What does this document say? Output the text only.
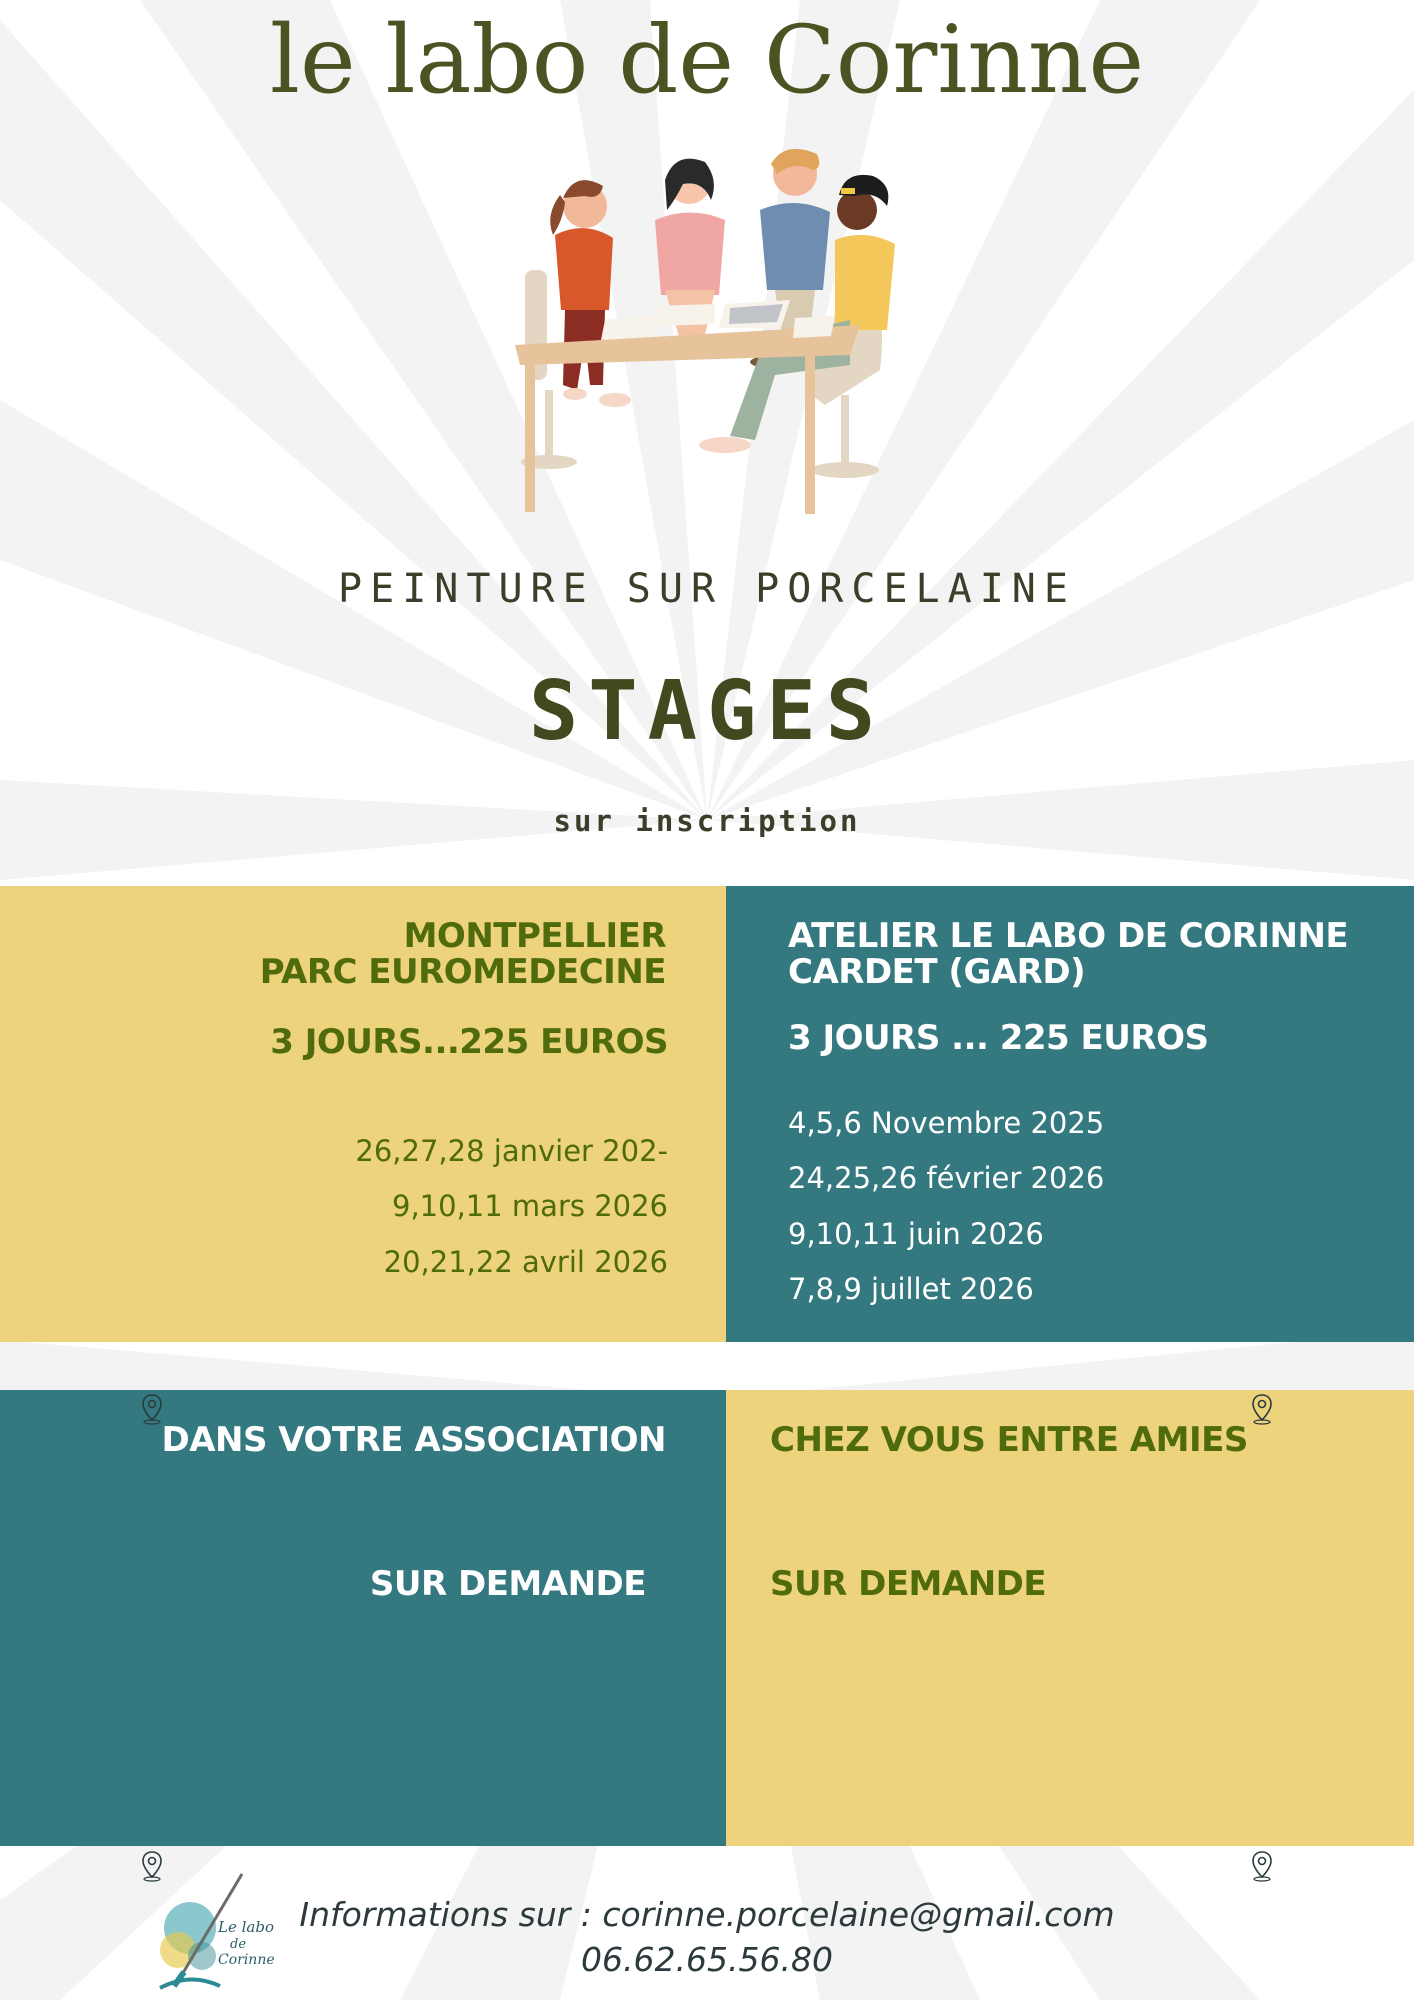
le labo de Corinne
PEINTURE SUR PORCELAINE
STAGES
sur inscription
MONTPELLIER
PARC EUROMEDECINE
3 JOURS...225 EUROS
26,27,28 janvier 202-
9,10,11 mars 2026
20,21,22 avril 2026
ATELIER LE LABO DE CORINNE
CARDET (GARD)
3 JOURS ... 225 EUROS
4,5,6 Novembre 2025
24,25,26 février 2026
9,10,11 juin 2026
7,8,9 juillet 2026
DANS VOTRE ASSOCIATION
SUR DEMANDE
CHEZ VOUS ENTRE AMIES
SUR DEMANDE
Le labo
de
Corinne
Informations sur : corinne.porcelaine@gmail.com
06.62.65.56.80
